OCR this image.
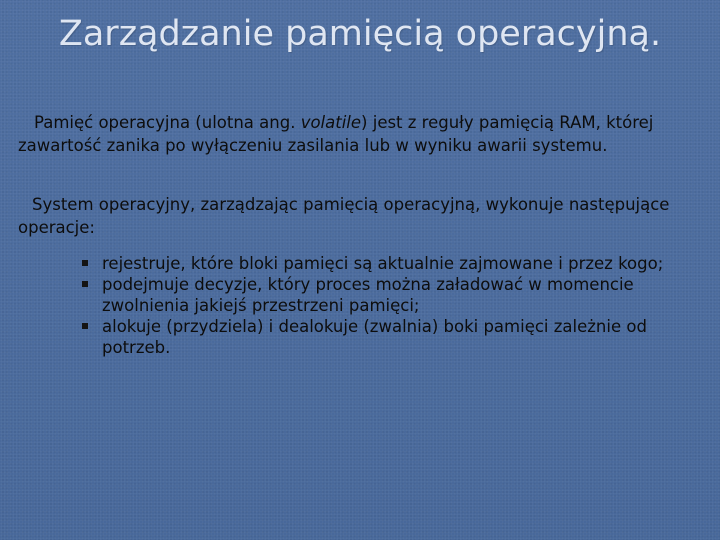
Zarządzanie pamięcią operacyjną.

Pamięć operacyjna (ulotna ang. volatile) jest z reguły pamięcią RAM, której zawartość zanika po wyłączeniu zasilania lub w wyniku awarii systemu.

System operacyjny, zarządzając pamięcią operacyjną, wykonuje następujące operacje:

rejestruje, które bloki pamięci są aktualnie zajmowane i przez kogo;
podejmuje decyzje, który proces można załadować w momencie zwolnienia jakiejś przestrzeni pamięci;
alokuje (przydziela) i dealokuje (zwalnia) boki pamięci zależnie od potrzeb.
